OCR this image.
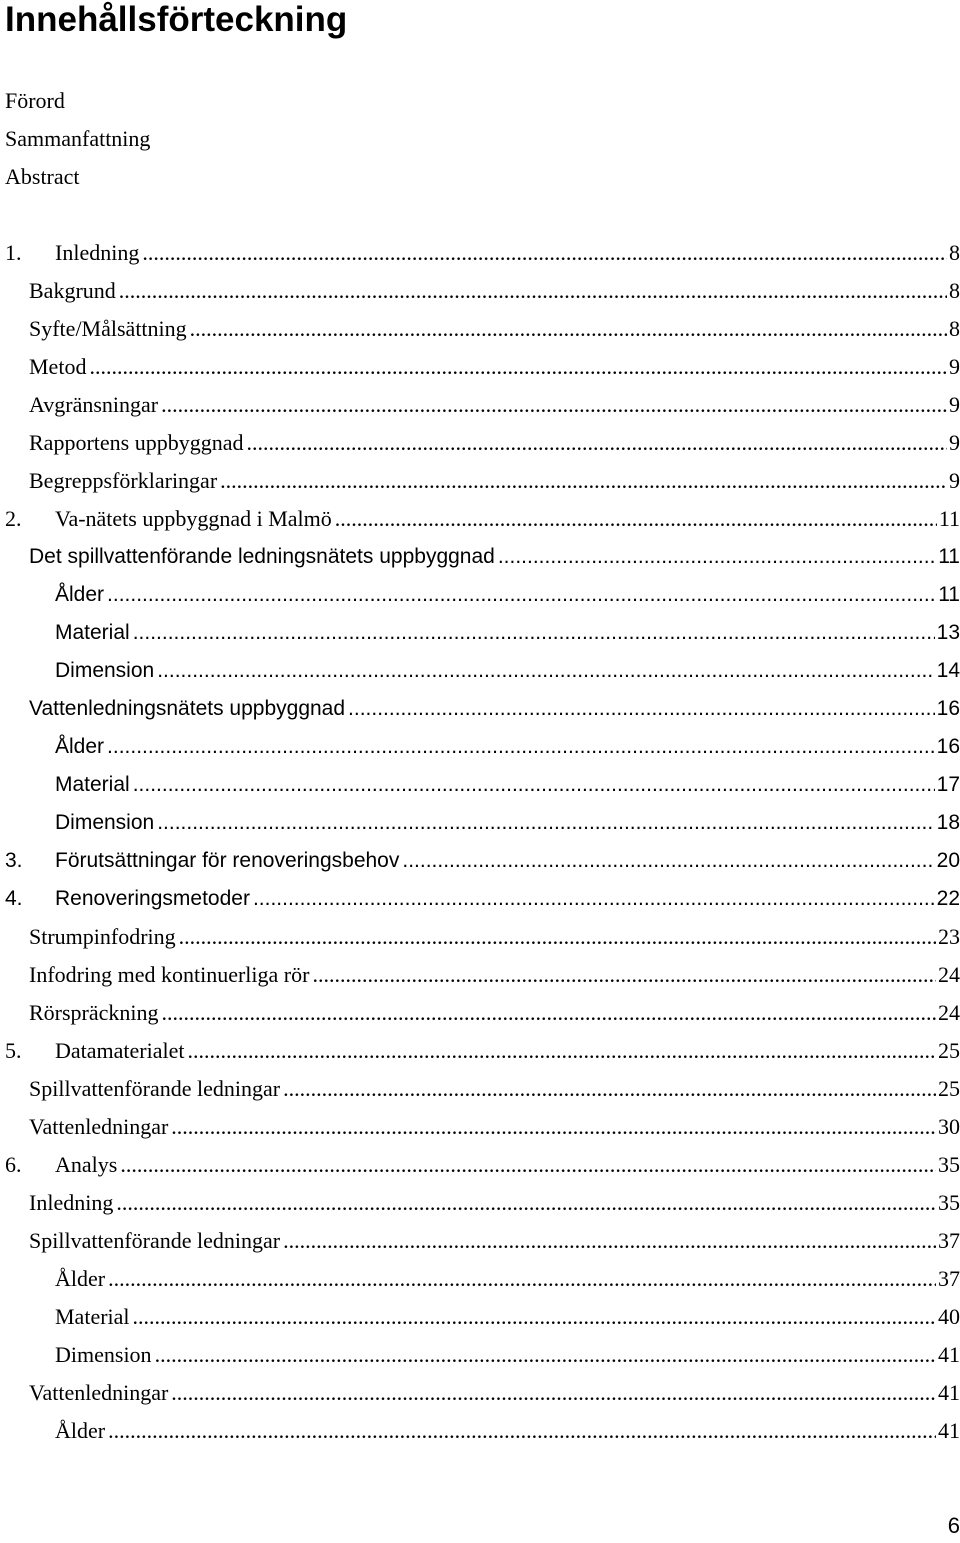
Innehållsförteckning
Förord
Sammanfattning
Abstract
1. Inledning .....	8
Bakgrund .....	8
Syfte/Målsättning .....	8
Metod .....	9
Avgränsningar .....	9
Rapportens uppbyggnad .....	9
Begreppsförklaringar .....	9
2. Va-nätets uppbyggnad i Malmö .....	11
Det spillvattenförande ledningsnätets uppbyggnad .....	11
Ålder .....	11
Material .....	13
Dimension .....	14
Vattenledningsnätets uppbyggnad .....	16
Ålder .....	16
Material .....	17
Dimension .....	18
3. Förutsättningar för renoveringsbehov .....	20
4. Renoveringsmetoder .....	22
Strumpinfodring .....	23
Infodring med kontinuerliga rör .....	24
Rörspräckning .....	24
5. Datamaterialet .....	25
Spillvattenförande ledningar .....	25
Vattenledningar .....	30
6. Analys .....	35
Inledning .....	35
Spillvattenförande ledningar .....	37
Ålder .....	37
Material .....	40
Dimension .....	41
Vattenledningar .....	41
Ålder .....	41
6
